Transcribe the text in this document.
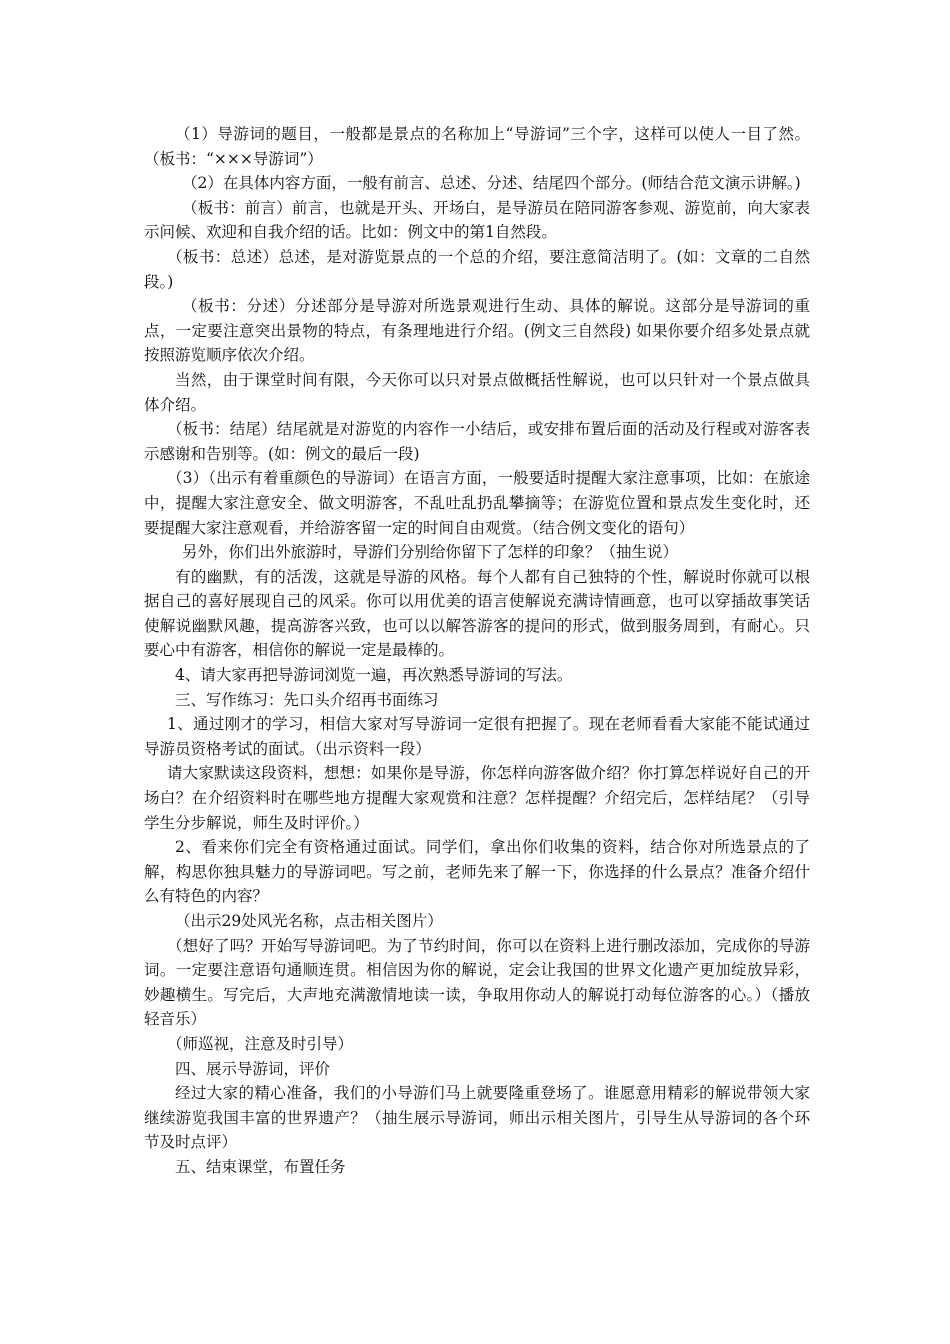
（1）导游词的题目，一般都是景点的名称加上“导游词”三个字，这样可以使人一目了然。（板书：“×××导游词”）

（2）在具体内容方面，一般有前言、总述、分述、结尾四个部分。(师结合范文演示讲解。)

（板书：前言）前言，也就是开头、开场白，是导游员在陪同游客参观、游览前，向大家表示问候、欢迎和自我介绍的话。比如：例文中的第1自然段。

（板书：总述）总述，是对游览景点的一个总的介绍，要注意简洁明了。(如：文章的二自然段。)

（板书：分述）分述部分是导游对所选景观进行生动、具体的解说。这部分是导游词的重点，一定要注意突出景物的特点，有条理地进行介绍。(例文三自然段) 如果你要介绍多处景点就按照游览顺序依次介绍。

当然，由于课堂时间有限，今天你可以只对景点做概括性解说，也可以只针对一个景点做具体介绍。

（板书：结尾）结尾就是对游览的内容作一小结后，或安排布置后面的活动及行程或对游客表示感谢和告别等。(如：例文的最后一段)

（3）（出示有着重颜色的导游词）在语言方面，一般要适时提醒大家注意事项，比如：在旅途中，提醒大家注意安全、做文明游客，不乱吐乱扔乱攀摘等；在游览位置和景点发生变化时，还要提醒大家注意观看，并给游客留一定的时间自由观赏。（结合例文变化的语句）

另外，你们出外旅游时，导游们分别给你留下了怎样的印象？（抽生说）

有的幽默，有的活泼，这就是导游的风格。每个人都有自己独特的个性，解说时你就可以根据自己的喜好展现自己的风采。你可以用优美的语言使解说充满诗情画意，也可以穿插故事笑话使解说幽默风趣，提高游客兴致，也可以以解答游客的提问的形式，做到服务周到，有耐心。只要心中有游客，相信你的解说一定是最棒的。

4、请大家再把导游词浏览一遍，再次熟悉导游词的写法。

三、写作练习：先口头介绍再书面练习

1、通过刚才的学习，相信大家对写导游词一定很有把握了。现在老师看看大家能不能试通过导游员资格考试的面试。（出示资料一段）

请大家默读这段资料，想想：如果你是导游，你怎样向游客做介绍？你打算怎样说好自己的开场白？在介绍资料时在哪些地方提醒大家观赏和注意？怎样提醒？介绍完后，怎样结尾？（引导学生分步解说，师生及时评价。）

2、看来你们完全有资格通过面试。同学们，拿出你们收集的资料，结合你对所选景点的了解，构思你独具魅力的导游词吧。写之前，老师先来了解一下，你选择的什么景点？准备介绍什么有特色的内容？

（出示29处风光名称，点击相关图片）

（想好了吗？开始写导游词吧。为了节约时间，你可以在资料上进行删改添加，完成你的导游词。一定要注意语句通顺连贯。相信因为你的解说，定会让我国的世界文化遗产更加绽放异彩，妙趣横生。写完后，大声地充满激情地读一读，争取用你动人的解说打动每位游客的心。）（播放轻音乐）

（师巡视，注意及时引导）

四、展示导游词，评价

经过大家的精心准备，我们的小导游们马上就要隆重登场了。谁愿意用精彩的解说带领大家继续游览我国丰富的世界遗产？（抽生展示导游词，师出示相关图片，引导生从导游词的各个环节及时点评）

五、结束课堂，布置任务
